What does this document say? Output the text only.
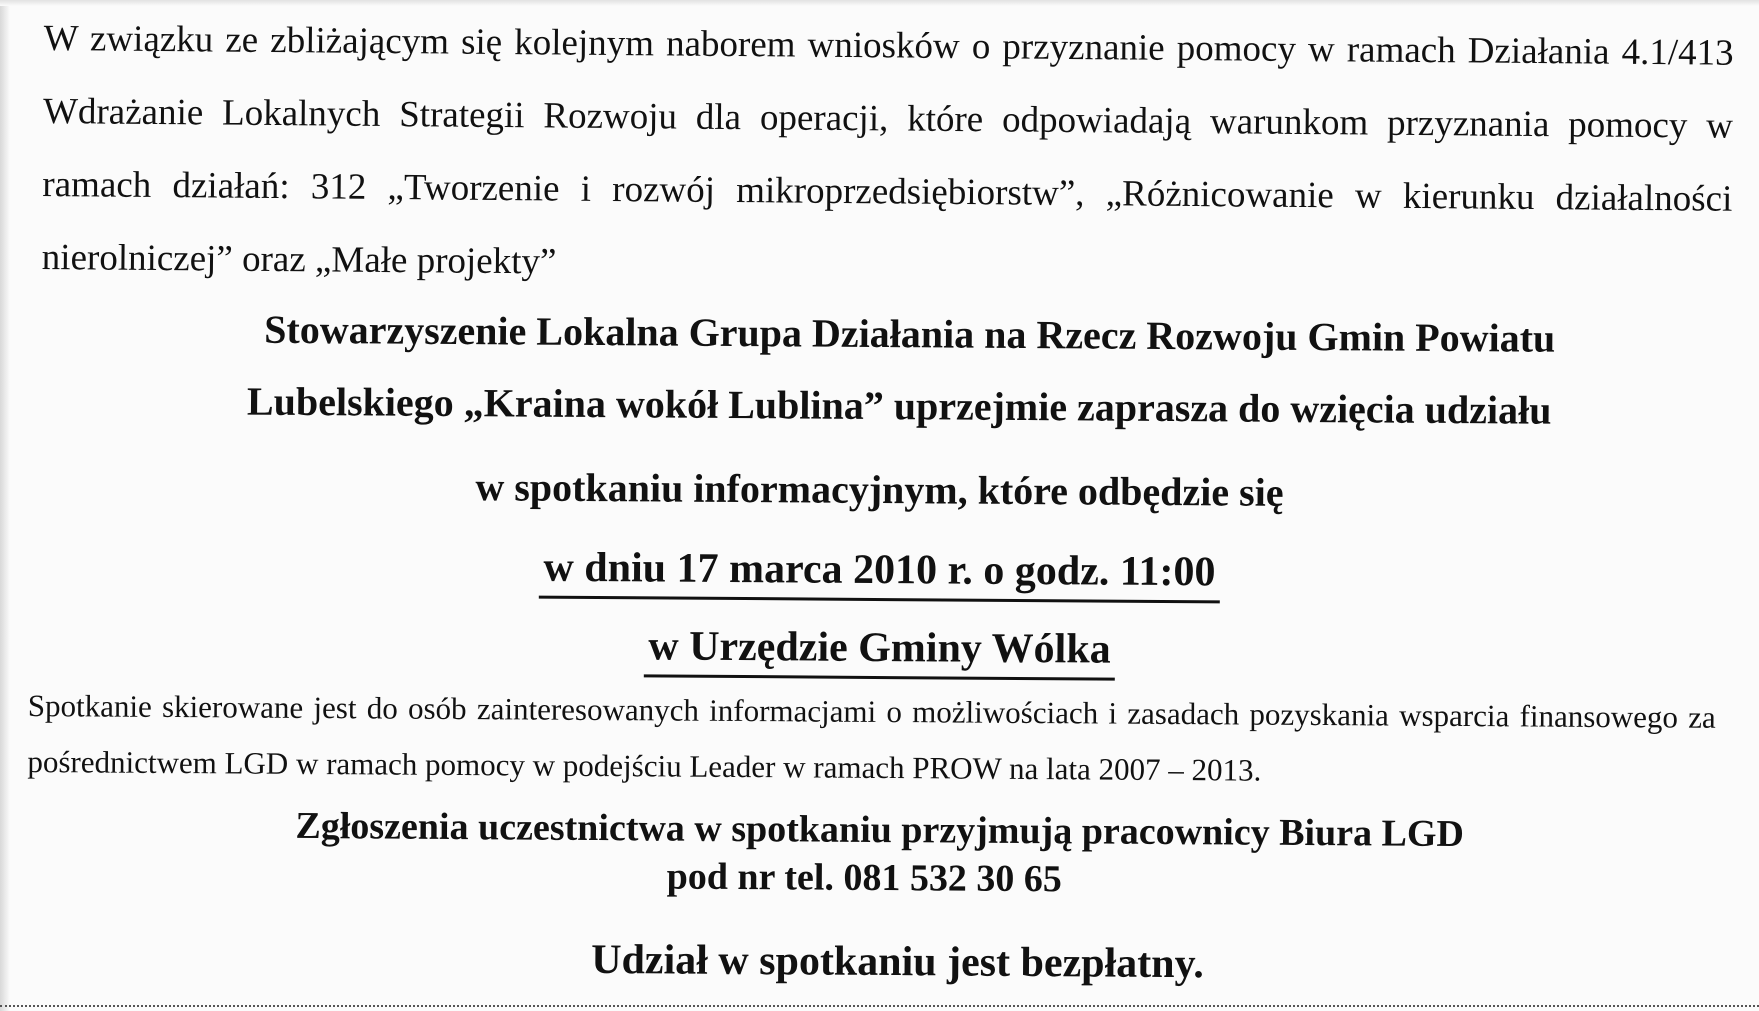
W związku ze zbliżającym się kolejnym naborem wniosków o przyznanie pomocy w ramach Działania 4.1/413 Wdrażanie Lokalnych Strategii Rozwoju dla operacji, które odpowiadają warunkom przyznania pomocy w ramach działań: 312 „Tworzenie i rozwój mikroprzedsiębiorstw”, „Różnicowanie w kierunku działalności nierolniczej” oraz „Małe projekty”

Stowarzyszenie Lokalna Grupa Działania na Rzecz Rozwoju Gmin Powiatu
Lubelskiego „Kraina wokół Lublina” uprzejmie zaprasza do wzięcia udziału
w spotkaniu informacyjnym, które odbędzie się
w dniu 17 marca 2010 r. o godz. 11:00
w Urzędzie Gminy Wólka
Spotkanie skierowane jest do osób zainteresowanych informacjami o możliwościach i zasadach pozyskania wsparcia finansowego za pośrednictwem LGD w ramach pomocy w podejściu Leader w ramach PROW na lata 2007 – 2013.
Zgłoszenia uczestnictwa w spotkaniu przyjmują pracownicy Biura LGD
pod nr tel. 081 532 30 65
Udział w spotkaniu jest bezpłatny.
